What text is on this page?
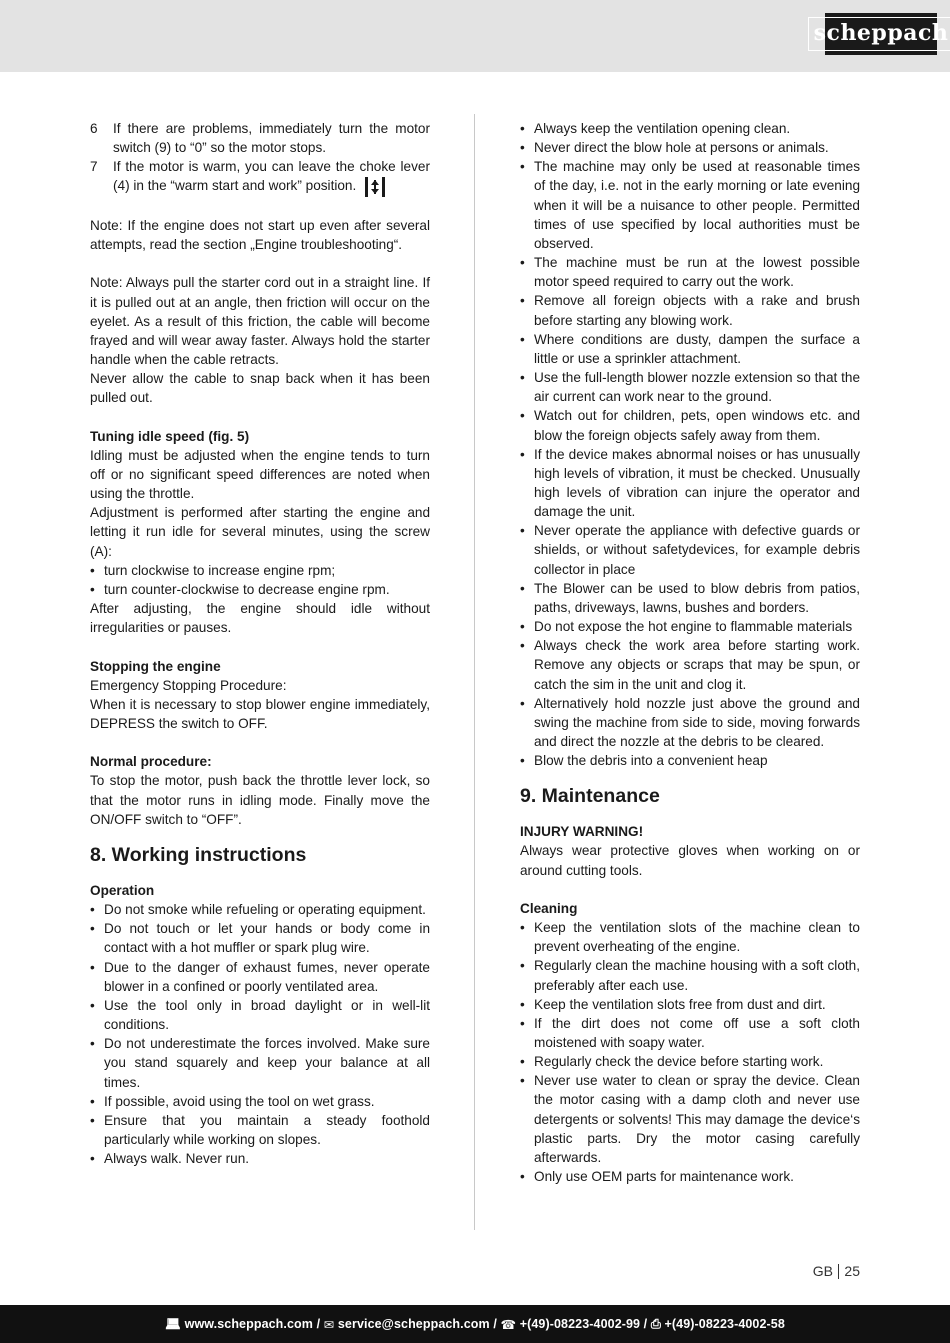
scheppach
6	If there are problems, immediately turn the motor switch (9) to “0” so the motor stops.
7	If the motor is warm, you can leave the choke lever (4) in the “warm start and work” position.

Note: If the engine does not start up even after several attempts, read the section „Engine troubleshooting“.

Note: Always pull the starter cord out in a straight line. If it is pulled out at an angle, then friction will occur on the eyelet. As a result of this friction, the cable will become frayed and will wear away faster. Always hold the starter handle when the cable retracts.

Never allow the cable to snap back when it has been pulled out.

Tuning idle speed (fig. 5)

Idling must be adjusted when the engine tends to turn off or no significant speed differences are noted when using the throttle.

Adjustment is performed after starting the engine and letting it run idle for several minutes, using the screw (A):

• turn clockwise to increase engine rpm;
• turn counter-clockwise to decrease engine rpm.

After adjusting, the engine should idle without irregularities or pauses.

Stopping the engine

Emergency Stopping Procedure:

When it is necessary to stop blower engine immediately, DEPRESS the switch to OFF.

Normal procedure:

To stop the motor, push back the throttle lever lock, so that the motor runs in idling mode. Finally move the ON/OFF switch to “OFF”.

8. Working instructions

Operation

• Do not smoke while refueling or operating equipment.
• Do not touch or let your hands or body come in contact with a hot muffler or spark plug wire.
• Due to the danger of exhaust fumes, never operate blower in a confined or poorly ventilated area.
• Use the tool only in broad daylight or in well-lit conditions.
• Do not underestimate the forces involved. Make sure you stand squarely and keep your balance at all times.
• If possible, avoid using the tool on wet grass.
• Ensure that you maintain a steady foothold particularly while working on slopes.
• Always walk. Never run.
• Always keep the ventilation opening clean.
• Never direct the blow hole at persons or animals.
• The machine may only be used at reasonable times of the day, i.e. not in the early morning or late evening when it will be a nuisance to other people. Permitted times of use specified by local authorities must be observed.
• The machine must be run at the lowest possible motor speed required to carry out the work.
• Remove all foreign objects with a rake and brush before starting any blowing work.
• Where conditions are dusty, dampen the surface a little or use a sprinkler attachment.
• Use the full-length blower nozzle extension so that the air current can work near to the ground.
• Watch out for children, pets, open windows etc. and blow the foreign objects safely away from them.
• If the device makes abnormal noises or has unusually high levels of vibration, it must be checked. Unusually high levels of vibration can injure the operator and damage the unit.
• Never operate the appliance with defective guards or shields, or without safetydevices, for example debris collector in place
• The Blower can be used to blow debris from patios, paths, driveways, lawns, bushes and borders.
• Do not expose the hot engine to flammable materials
• Always check the work area before starting work. Remove any objects or scraps that may be spun, or catch the sim in the unit and clog it.
• Alternatively hold nozzle just above the ground and swing the machine from side to side, moving forwards and direct the nozzle at the debris to be cleared.
• Blow the debris into a convenient heap
9. Maintenance

INJURY WARNING!

Always wear protective gloves when working on or around cutting tools.

Cleaning

• Keep the ventilation slots of the machine clean to prevent overheating of the engine.
• Regularly clean the machine housing with a soft cloth, preferably after each use.
• Keep the ventilation slots free from dust and dirt.
• If the dirt does not come off use a soft cloth moistened with soapy water.
• Regularly check the device before starting work.
• Never use water to clean or spray the device. Clean the motor casing with a damp cloth and never use detergents or solvents! This may damage the device‘s plastic parts. Dry the motor casing carefully afterwards.
• Only use OEM parts for maintenance work.
GB 25
💻︎ www.scheppach.com / ✉ service@scheppach.com / ☎ +(49)-08223-4002-99 / ⎙ +(49)-08223-4002-58
